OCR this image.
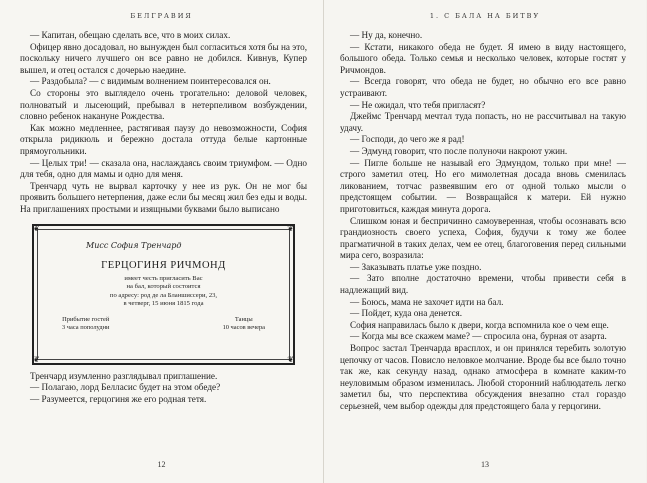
БЕЛГРАВИЯ

— Капитан, обещаю сделать все, что в моих силах.

Офицер явно досадовал, но вынужден был согласиться хотя бы на это, поскольку ничего лучшего он все равно не добился. Кивнув, Купер вышел, и отец остался с дочерью наедине.

— Раздобыла? — с видимым волнением поинтересовался он.

Со стороны это выглядело очень трогательно: деловой человек, полноватый и лысеющий, пребывал в нетерпеливом возбуждении, словно ребенок накануне Рождества.

Как можно медленнее, растягивая паузу до невозможности, София открыла ридикюль и бережно достала оттуда белые картонные прямоугольники.

— Целых три! — сказала она, наслаждаясь своим триумфом. — Одно для тебя, одно для мамы и одно для меня.

Тренчард чуть не вырвал карточку у нее из рук. Он не мог бы проявить большего нетерпения, даже если бы месяц жил без еды и воды. На приглашениях простыми и изящными буквами было выписано

❦	❦
❦	❦
Мисс София Тренчард
ГЕРЦОГИНЯ РИЧМОНД
имеет честь пригласить Вас
на бал, который состоится
по адресу: род де ла Бланшиссери, 23,
в четверг, 15 июня 1815 года
Прибытие гостей
3 часа пополудни
Танцы
10 часов вечера

Тренчард изумленно разглядывал приглашение.

— Полагаю, лорд Белласис будет на этом обеде?

— Разумеется, герцогиня же его родная тетя.

12
1. С БАЛА НА БИТВУ

— Ну да, конечно.

— Кстати, никакого обеда не будет. Я имею в виду настоящего, большого обеда. Только семья и несколько человек, которые гостят у Ричмондов.

— Всегда говорят, что обеда не будет, но обычно его все равно устраивают.

— Не ожидал, что тебя пригласят?

Джеймс Тренчард мечтал туда попасть, но не рассчитывал на такую удачу.

— Господи, до чего же я рад!

— Эдмунд говорит, что после полуночи накроют ужин.

— Пигле больше не называй его Эдмундом, только при мне! — строго заметил отец. Но его мимолетная досада вновь сменилась ликованием, тотчас развеявшим его от одной только мысли о предстоящем событии. — Возвращайся к матери. Ей нужно приготовиться, каждая минута дорога.

Слишком юная и беспричинно самоуверенная, чтобы осознавать всю грандиозность своего успеха, София, будучи к тому же более прагматичной в таких делах, чем ее отец, благоговения перед сильными мира сего, возразила:

— Заказывать платье уже поздно.

— Зато вполне достаточно времени, чтобы привести себя в надлежащий вид.

— Боюсь, мама не захочет идти на бал.

— Пойдет, куда она денется.

София направилась было к двери, когда вспомнила кое о чем еще.

— Когда мы все скажем маме? — спросила она, бурная от азарта.

Вопрос застал Тренчарда врасплох, и он принялся теребить золотую цепочку от часов. Повисло неловкое молчание. Вроде бы все было точно так же, как секунду назад, однако атмосфера в комнате каким-то неуловимым образом изменилась. Любой сторонний наблюдатель легко заметил бы, что перспектива обсуждения внезапно стал гораздо серьезней, чем выбор одежды для предстоящего бала у герцогини.

13
